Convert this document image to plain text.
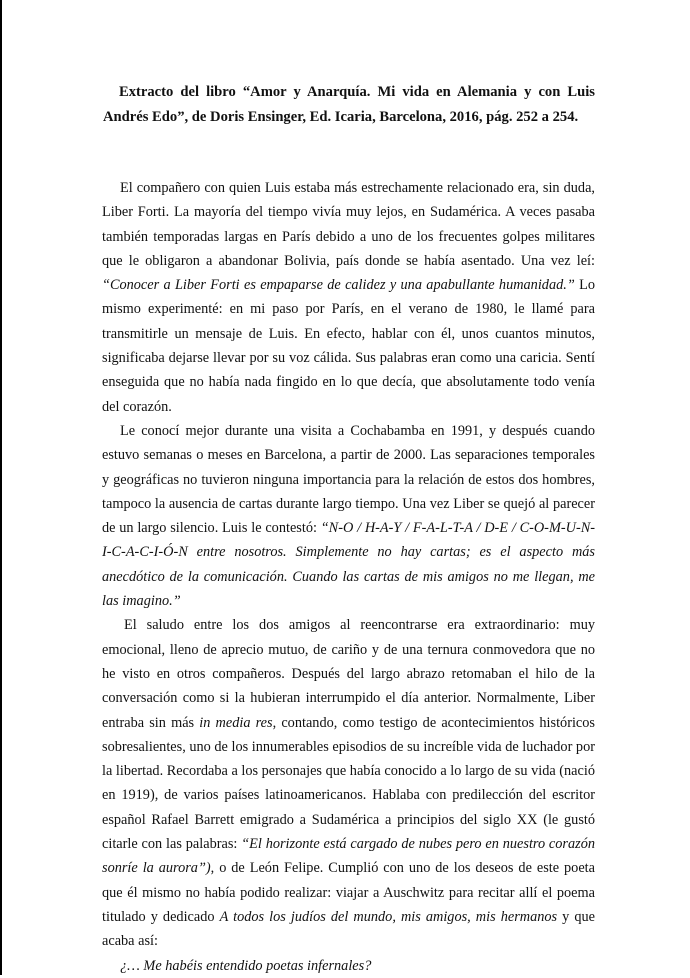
Extracto del libro “Amor y Anarquía. Mi vida en Alemania y con Luis Andrés Edo”, de Doris Ensinger, Ed. Icaria, Barcelona, 2016, pág. 252 a 254.

El compañero con quien Luis estaba más estrechamente relacionado era, sin duda, Liber Forti. La mayoría del tiempo vivía muy lejos, en Sudamérica. A veces pasaba también temporadas largas en París debido a uno de los frecuentes golpes militares que le obligaron a abandonar Bolivia, país donde se había asentado. Una vez leí: “Conocer a Liber Forti es empaparse de calidez y una apabullante humanidad.” Lo mismo experimenté: en mi paso por París, en el verano de 1980, le llamé para transmitirle un mensaje de Luis. En efecto, hablar con él, unos cuantos minutos, significaba dejarse llevar por su voz cálida. Sus palabras eran como una caricia. Sentí enseguida que no había nada fingido en lo que decía, que absolutamente todo venía del corazón.

Le conocí mejor durante una visita a Cochabamba en 1991, y después cuando estuvo semanas o meses en Barcelona, a partir de 2000. Las separaciones temporales y geográficas no tuvieron ninguna importancia para la relación de estos dos hombres, tampoco la ausencia de cartas durante largo tiempo. Una vez Liber se quejó al parecer de un largo silencio. Luis le contestó: “N-O / H-A-Y / F-A-L-T-A / D-E / C-O-M-U-N-I-C-A-C-I-Ó-N entre nosotros. Simplemente no hay cartas; es el aspecto más anecdótico de la comunicación. Cuando las cartas de mis amigos no me llegan, me las imagino.”

El saludo entre los dos amigos al reencontrarse era extraordinario: muy emocional, lleno de aprecio mutuo, de cariño y de una ternura conmovedora que no he visto en otros compañeros. Después del largo abrazo retomaban el hilo de la conversación como si la hubieran interrumpido el día anterior. Normalmente, Liber entraba sin más in media res, contando, como testigo de acontecimientos históricos sobresalientes, uno de los innumerables episodios de su increíble vida de luchador por la libertad. Recordaba a los personajes que había conocido a lo largo de su vida (nació en 1919), de varios países latinoamericanos. Hablaba con predilección del escritor español Rafael Barrett emigrado a Sudamérica a principios del siglo XX (le gustó citarle con las palabras: “El horizonte está cargado de nubes pero en nuestro corazón sonríe la aurora”), o de León Felipe. Cumplió con uno de los deseos de este poeta que él mismo no había podido realizar: viajar a Auschwitz para recitar allí el poema titulado y dedicado A todos los judíos del mundo, mis amigos, mis hermanos y que acaba así:

¿… Me habéis entendido poetas infernales?
